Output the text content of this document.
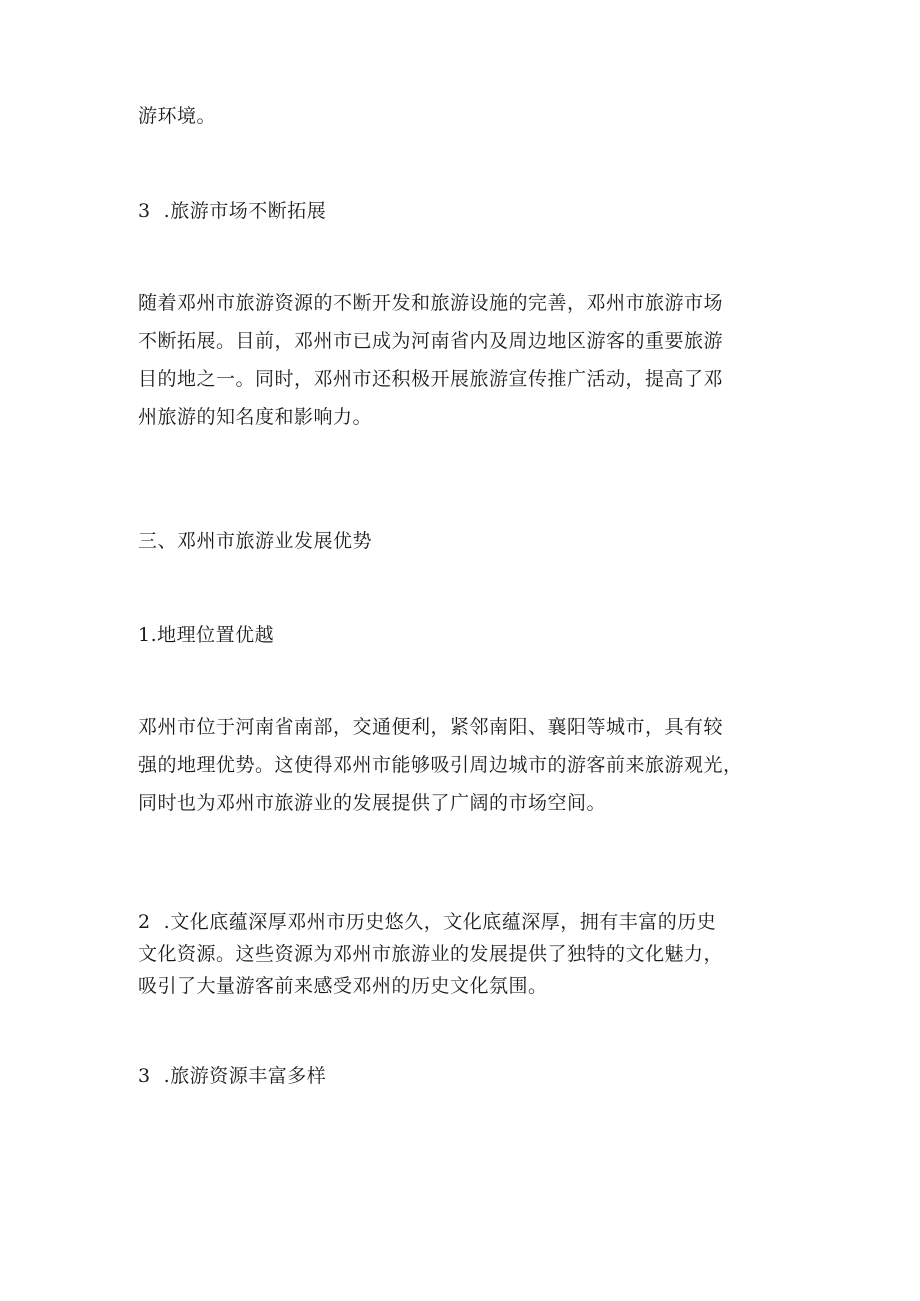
游环境。

3  .旅游市场不断拓展

随着邓州市旅游资源的不断开发和旅游设施的完善，邓州市旅游市场
不断拓展。目前，邓州市已成为河南省内及周边地区游客的重要旅游
目的地之一。同时，邓州市还积极开展旅游宣传推广活动，提高了邓
州旅游的知名度和影响力。

三、邓州市旅游业发展优势

1.地理位置优越

邓州市位于河南省南部，交通便利，紧邻南阳、襄阳等城市，具有较
强的地理优势。这使得邓州市能够吸引周边城市的游客前来旅游观光，
同时也为邓州市旅游业的发展提供了广阔的市场空间。

2  .文化底蕴深厚邓州市历史悠久，文化底蕴深厚，拥有丰富的历史
文化资源。这些资源为邓州市旅游业的发展提供了独特的文化魅力，
吸引了大量游客前来感受邓州的历史文化氛围。

3  .旅游资源丰富多样
